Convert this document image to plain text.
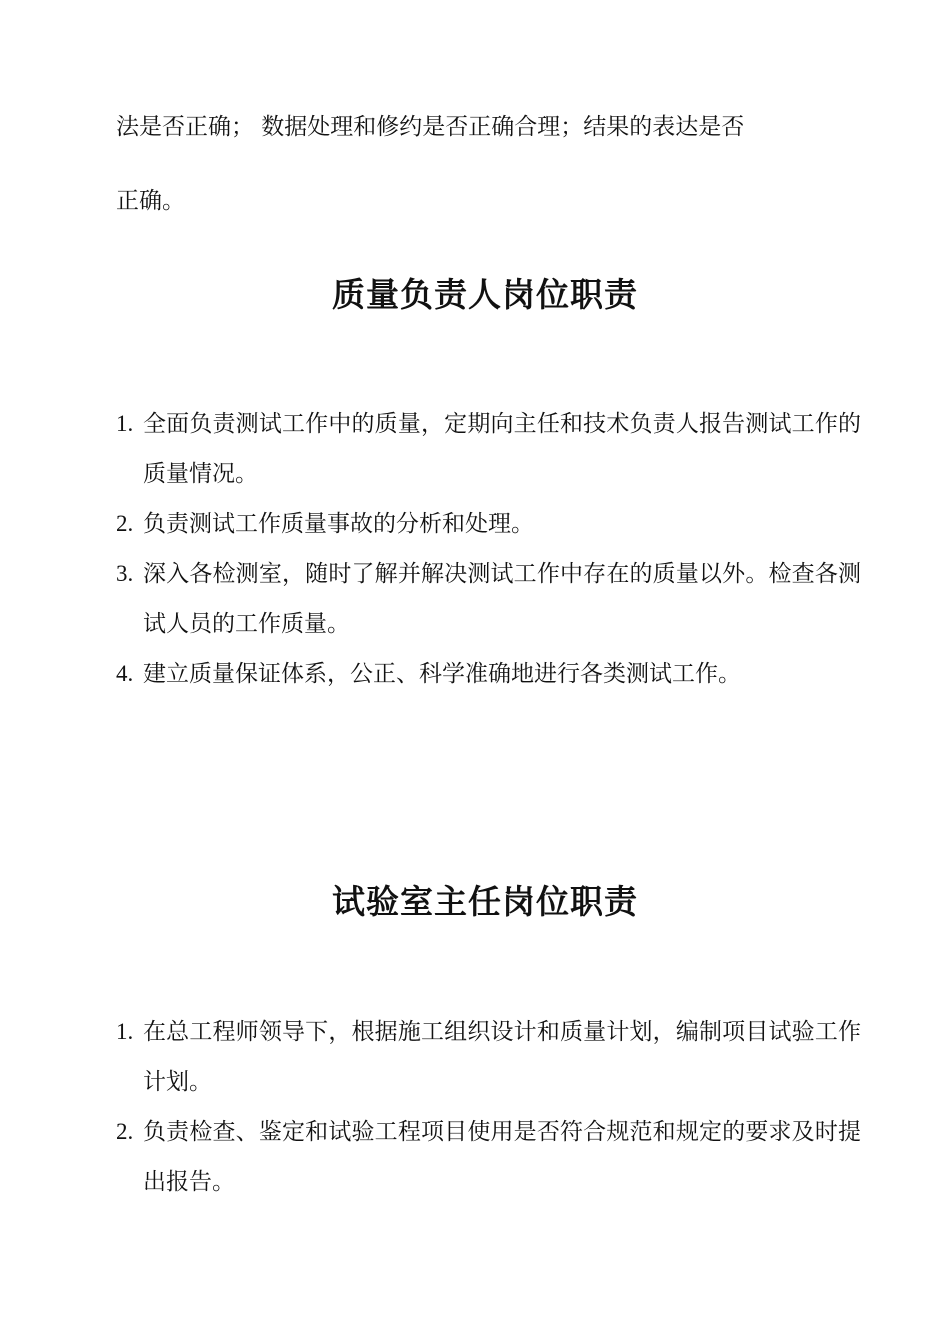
法是否正确； 数据处理和修约是否正确合理；结果的表达是否
正确。
质量负责人岗位职责
1. 全面负责测试工作中的质量，定期向主任和技术负责人报告测试工作的质量情况。
2. 负责测试工作质量事故的分析和处理。
3. 深入各检测室，随时了解并解决测试工作中存在的质量以外。检查各测试人员的工作质量。
4. 建立质量保证体系，公正、科学准确地进行各类测试工作。
试验室主任岗位职责
1. 在总工程师领导下，根据施工组织设计和质量计划，编制项目试验工作计划。
2. 负责检查、鉴定和试验工程项目使用是否符合规范和规定的要求及时提出报告。
